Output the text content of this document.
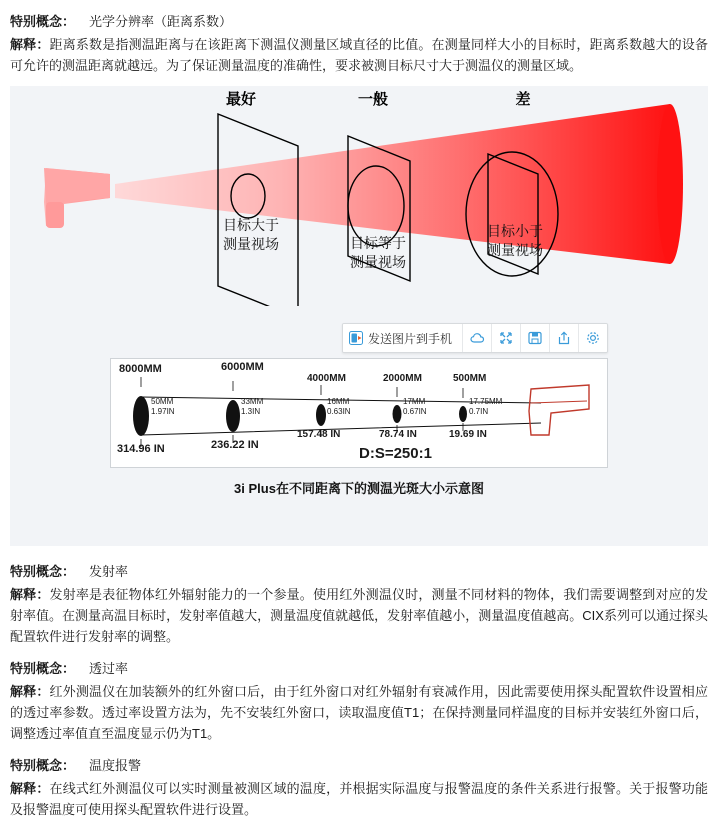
特别概念： 光学分辨率（距离系数）
解释：距离系数是指测温距离与在该距离下测温仪测量区域直径的比值。在测量同样大小的目标时，距离系数越大的设备可允许的测温距离就越远。为了保证测量温度的准确性，要求被测目标尺寸大于测温仪的测量区域。
最好	一般	差
目标大于
测量视场	目标等于
测量视场
目标小于
测量视场
发送图片到手机
8000MM	6000MM
4000MM	2000MM	500MM
50MM
1.97IN
33MM
1.3IN
16MM
0.63IN
17MM
0.67IN
17.75MM
0.7IN
314.96 IN	236.22 IN
157.48 IN	78.74 IN	19.69 IN
D:S=250:1
3i Plus在不同距离下的测温光斑大小示意图
特别概念： 发射率
解释：发射率是表征物体红外辐射能力的一个参量。使用红外测温仪时，测量不同材料的物体，我们需要调整到对应的发射率值。在测量高温目标时，发射率值越大，测量温度值就越低，发射率值越小，测量温度值越高。CIX系列可以通过探头配置软件进行发射率的调整。
特别概念： 透过率
解释：红外测温仪在加装额外的红外窗口后，由于红外窗口对红外辐射有衰减作用，因此需要使用探头配置软件设置相应的透过率参数。透过率设置方法为，先不安装红外窗口，读取温度值T1；在保持测量同样温度的目标并安装红外窗口后，调整透过率值直至温度显示仍为T1。
特别概念： 温度报警
解释：在线式红外测温仪可以实时测量被测区域的温度，并根据实际温度与报警温度的条件关系进行报警。关于报警功能及报警温度可使用探头配置软件进行设置。
